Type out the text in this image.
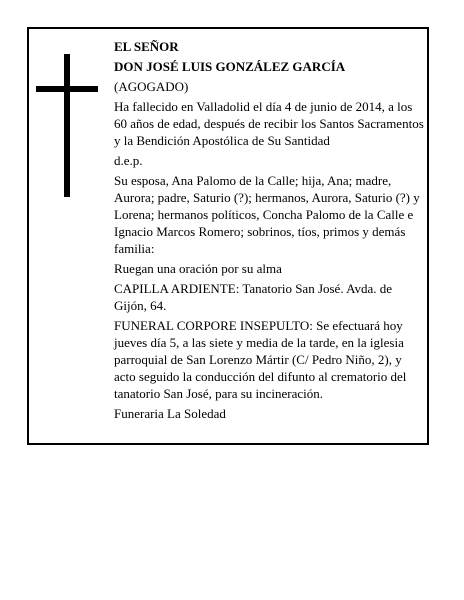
EL SEÑOR

DON JOSÉ LUIS GONZÁLEZ GARCÍA

(AGOGADO)

Ha fallecido en Valladolid el día 4 de junio de 2014, a los 60 años de edad, después de recibir los Santos Sacramentos y la Bendición Apostólica de Su Santidad

d.e.p.

Su esposa, Ana Palomo de la Calle; hija, Ana; madre, Aurora; padre, Saturio (?); hermanos, Aurora, Saturio (?) y Lorena; hermanos políticos, Concha Palomo de la Calle e Ignacio Marcos Romero; sobrinos, tíos, primos y demás familia:

Ruegan una oración por su alma

CAPILLA ARDIENTE: Tanatorio San José. Avda. de Gijón, 64.

FUNERAL CORPORE INSEPULTO: Se efectuará hoy jueves día 5, a las siete y media de la tarde, en la iglesia parroquial de San Lorenzo Mártir (C/ Pedro Niño, 2), y acto seguido la conducción del difunto al crematorio del tanatorio San José, para su incineración.

Funeraria La Soledad
